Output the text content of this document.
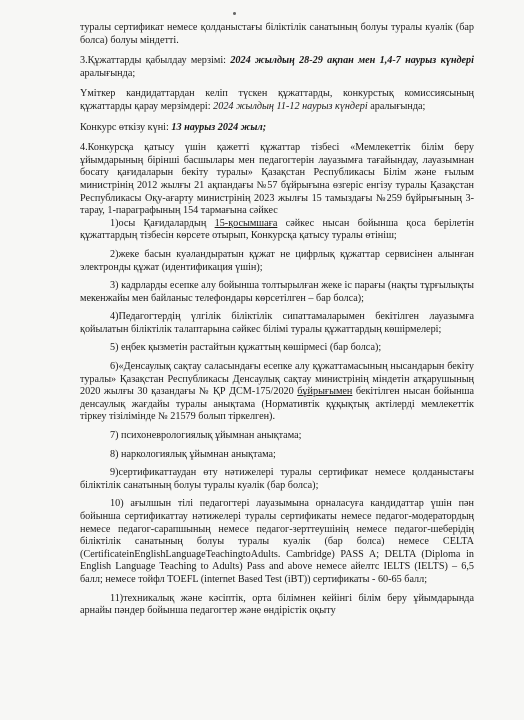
туралы сертификат немесе қолданыстағы біліктілік санатының болуы туралы куәлік (бар болса) болуы міндетті.

3.Құжаттарды қабылдау мерзімі: 2024 жылдың 28-29 ақпан мен 1,4-7 наурыз күндері аралығында;

Үміткер кандидаттардан келіп түскен құжаттарды, конкурстық комиссиясының құжаттарды қарау мерзімдері: 2024 жылдың 11-12 наурыз күндері аралығында;

Конкурс өткізу күні: 13 наурыз 2024 жыл;

4.Конкурсқа қатысу үшін қажетті құжаттар тізбесі «Мемлекеттік білім беру ұйымдарының бірінші басшылары мен педагогтерін лауазымға тағайындау, лауазымнан босату қағидаларын бекіту туралы» Қазақстан Республикасы Білім және ғылым министрінің 2012 жылғы 21 ақпандағы №57 бұйрығына өзгеріс енгізу туралы Қазақстан Республикасы Оқу-ағарту министрінің 2023 жылғы 15 тамыздағы №259 бұйрығының 3-тарау, 1-параграфының 154 тармағына сәйкес

1)осы Қағидалардың 15-қосымшаға сәйкес нысан бойынша қоса берілетін құжаттардың тізбесін көрсете отырып, Конкурсқа қатысу туралы өтініш;

2)жеке басын куәландыратын құжат не цифрлық құжаттар сервисінен алынған электронды құжат (идентификация үшін);

3) кадрларды есепке алу бойынша толтырылған жеке іс парағы (нақты тұрғылықты мекенжайы мен байланыс телефондары көрсетілген – бар болса);

4)Педагогтердің үлгілік біліктілік сипаттамаларымен бекітілген лауазымға қойылатын біліктілік талаптарына сәйкес білімі туралы құжаттардың көшірмелері;

5) еңбек қызметін растайтын құжаттың көшірмесі (бар болса);

6)«Денсаулық сақтау саласындағы есепке алу құжаттамасының нысандарын бекіту туралы» Қазақстан Республикасы Денсаулық сақтау министрінің міндетін атқарушының 2020 жылғы 30 қазандағы № ҚР ДСМ-175/2020 бұйрығымен бекітілген нысан бойынша денсаулық жағдайы туралы анықтама (Нормативтік құқықтық актілерді мемлекеттік тіркеу тізілімінде № 21579 болып тіркелген).

7) психоневрологиялық ұйымнан анықтама;

8) наркологиялық ұйымнан анықтама;

9)сертификаттаудан өту нәтижелері туралы сертификат немесе қолданыстағы біліктілік санатының болуы туралы куәлік (бар болса);

10) ағылшын тілі педагогтері лауазымына орналасуға кандидаттар үшін пән бойынша сертификаттау нәтижелері туралы сертификаты немесе педагог-модератордың немесе педагог-сарапшының немесе педагог-зерттеушінің немесе педагог-шеберідің біліктілік санатының болуы туралы куәлік (бар болса) немесе CELTA (CertificateinEnglishLanguageTeachingtoAdults. Cambridge) PASS A; DELTA (Diploma in English Language Teaching to Adults) Pass and above немесе айелтс IELTS (IELTS) – 6,5 балл; немесе тойфл TOEFL (internet Based Test (iBT)) сертификаты - 60-65 балл;

11)техникалық және кәсіптік, орта білімнен кейінгі білім беру ұйымдарында арнайы пәндер бойынша педагогтер және өндірістік оқыту
